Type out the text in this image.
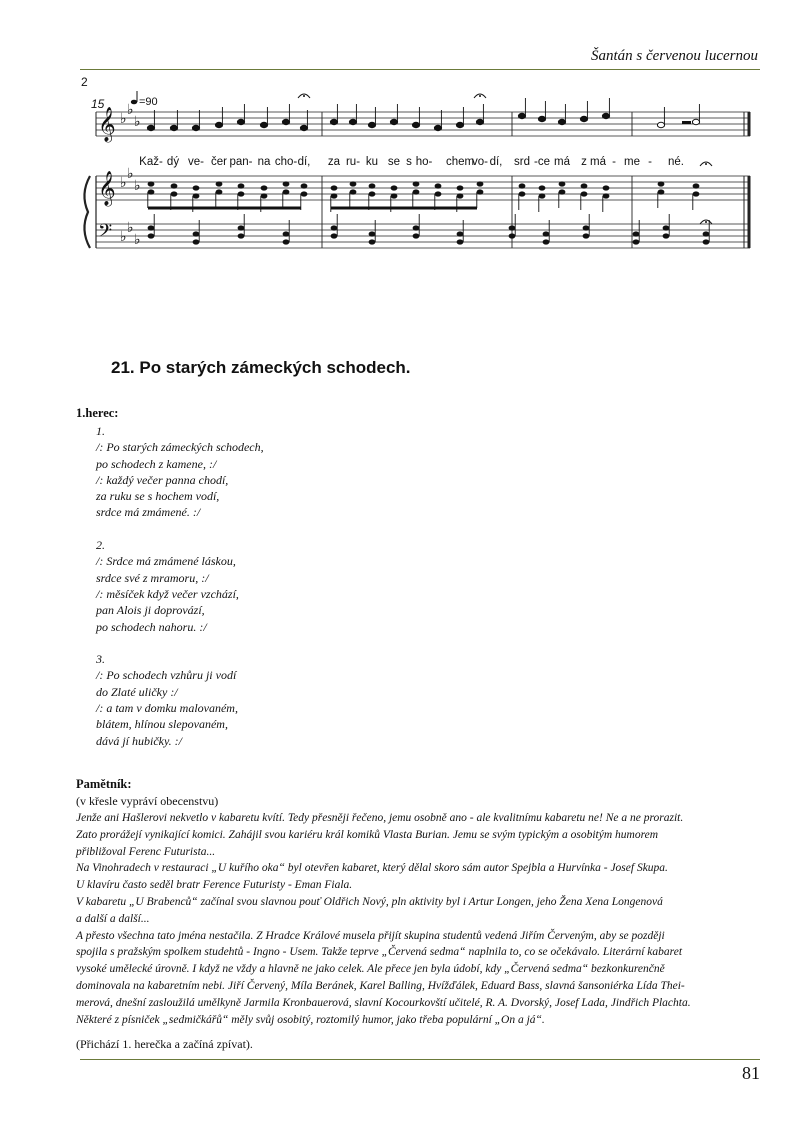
Šantán s červenou lucernou
2
15	=90
𝄞
𝄞
𝄢
♭
♭
♭
♭
♭
♭
♭
♭
♭
Kaž- dý ve- čer pan- na cho- dí, za ru- ku se s ho- chem
vo- dí, srd -ce má z má - me - né.
21. Po starých zámeckých schodech.
1.herec:
1.
/: Po starých zámeckých schodech,
po schodech z kamene, :/
/: každý večer panna chodí,
za ruku se s hochem vodí,
srdce má zmámené. :/
2.
/: Srdce má zmámené láskou,
srdce své z mramoru, :/
/: měsíček když večer vzchází,
pan Alois ji doprovází,
po schodech nahoru. :/
3.
/: Po schodech vzhůru ji vodí
do Zlaté uličky :/
/: a tam v domku malovaném,
blátem, hlínou slepovaném,
dává jí hubičky. :/
Pamětník:
(v křesle vypráví obecenstvu)
Jenže ani Hašlerovi nekvetlo v kabaretu kvítí. Tedy přesněji řečeno, jemu osobně ano - ale kvalitnímu kabaretu ne! Ne a ne prorazit.
Zato prorážejí vynikající komici. Zahájil svou kariéru král komiků Vlasta Burian. Jemu se svým typickým a osobitým humorem
přibližoval Ferenc Futurista...
Na Vinohradech v restauraci „U kuřího oka“ byl otevřen kabaret, který dělal skoro sám autor Spejbla a Hurvínka - Josef Skupa.
U klavíru často seděl bratr Ference Futuristy - Eman Fiala.
V kabaretu „U Brabenců“ začínal svou slavnou pouť Oldřich Nový, pln aktivity byl i Artur Longen, jeho Žena Xena Longenová
a další a další...
A přesto všechna tato jména nestačila. Z Hradce Králové musela přijít skupina studentů vedená Jiřím Červeným, aby se později
spojila s pražským spolkem studehtů - Ingno - Usem. Takže teprve „Červená sedma“ naplnila to, co se očekávalo. Literární kabaret
vysoké umělecké úrovně. I když ne vždy a hlavně ne jako celek. Ale přece jen byla údobí, kdy „Červená sedma“ bezkonkurenčně
dominovala na kabaretním nebi. Jiří Červený, Míla Beránek, Karel Balling, Hvížďálek, Eduard Bass, slavná šansoniérka Lída Thei-
merová, dnešní zasloužilá umělkyně Jarmila Kronbauerová, slavní Kocourkovští učitelé, R. A. Dvorský, Josef Lada, Jindřich Plachta.
Některé z písniček „sedmičkářů“ měly svůj osobitý, roztomilý humor, jako třeba populární „On a já“.
(Přichází 1. herečka a začíná zpívat).
81
